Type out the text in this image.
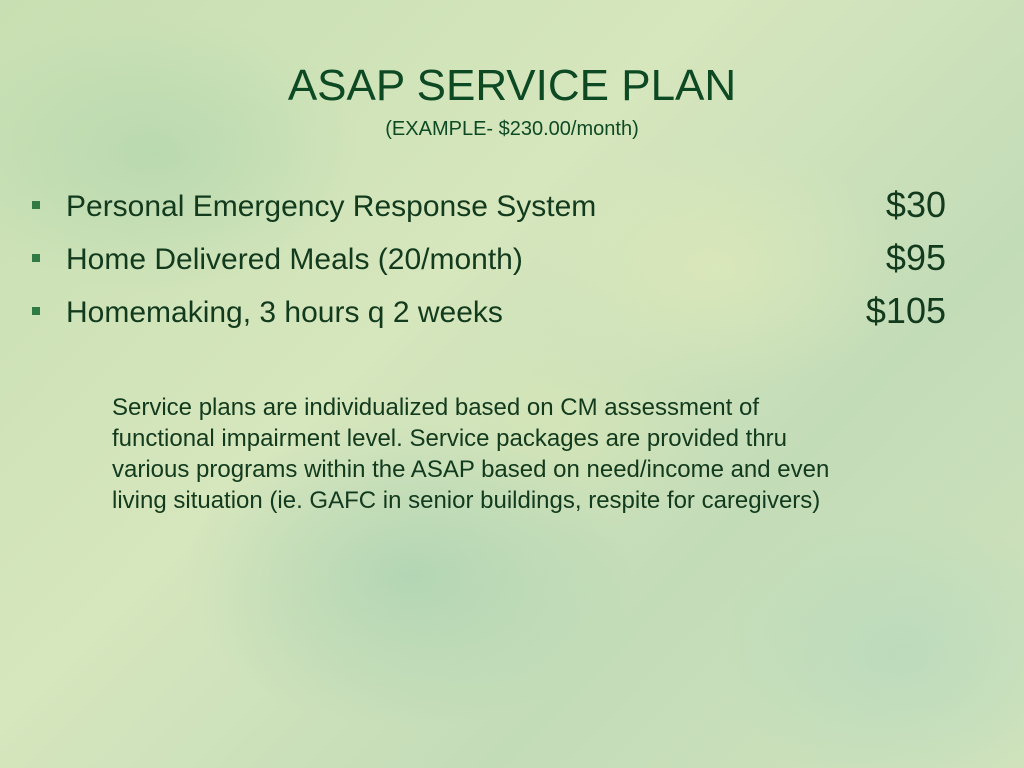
ASAP SERVICE PLAN
(EXAMPLE- $230.00/month)
Personal Emergency Response System	$30
Home Delivered Meals (20/month)	$95
Homemaking, 3 hours q 2 weeks	$105
Service plans are individualized based on CM assessment of
functional impairment level. Service packages are provided thru
various programs within the ASAP based on need/income and even
living situation (ie. GAFC in senior buildings, respite for caregivers)
